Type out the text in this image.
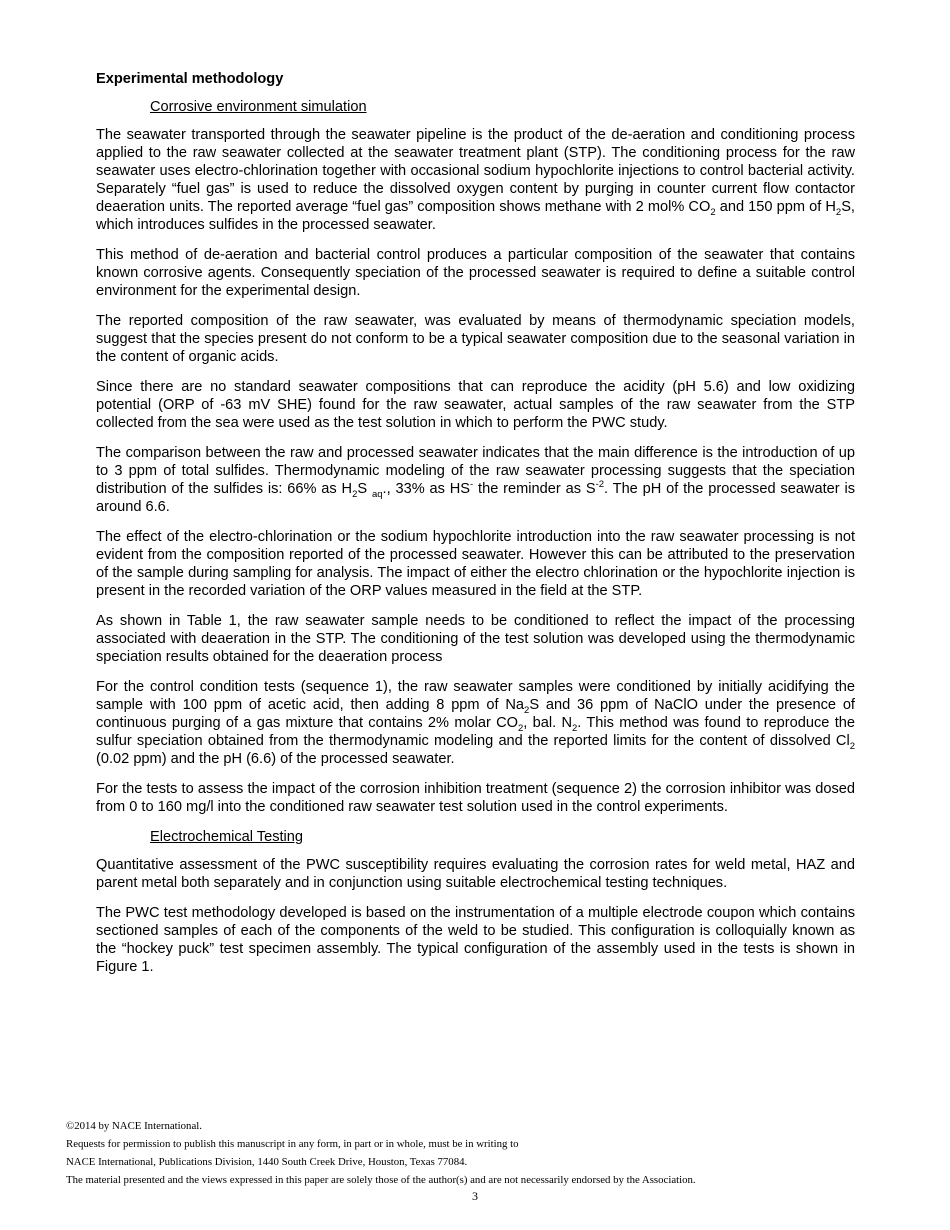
Experimental methodology
Corrosive environment simulation

The seawater transported through the seawater pipeline is the product of the de-aeration and conditioning process applied to the raw seawater collected at the seawater treatment plant (STP). The conditioning process for the raw seawater uses electro-chlorination together with occasional sodium hypochlorite injections to control bacterial activity. Separately “fuel gas” is used to reduce the dissolved oxygen content by purging in counter current flow contactor deaeration units. The reported average “fuel gas” composition shows methane with 2 mol% $CO_2$ and 150 ppm of $H_2S$, which introduces sulfides in the processed seawater.

This method of de-aeration and bacterial control produces a particular composition of the seawater that contains known corrosive agents. Consequently speciation of the processed seawater is required to define a suitable control environment for the experimental design.

The reported composition of the raw seawater, was evaluated by means of thermodynamic speciation models, suggest that the species present do not conform to be a typical seawater composition due to the seasonal variation in the content of organic acids.

Since there are no standard seawater compositions that can reproduce the acidity (pH 5.6) and low oxidizing potential (ORP of -63 mV SHE) found for the raw seawater, actual samples of the raw seawater from the STP collected from the sea were used as the test solution in which to perform the PWC study.

The comparison between the raw and processed seawater indicates that the main difference is the introduction of up to 3 ppm of total sulfides. Thermodynamic modeling of the raw seawater processing suggests that the speciation distribution of the sulfides is: 66% as $H_2S$ $_{aq}$., 33% as HS- the reminder as $S^{-2}$. The pH of the processed seawater is around 6.6.

The effect of the electro-chlorination or the sodium hypochlorite introduction into the raw seawater processing is not evident from the composition reported of the processed seawater. However this can be attributed to the preservation of the sample during sampling for analysis. The impact of either the electro chlorination or the hypochlorite injection is present in the recorded variation of the ORP values measured in the field at the STP.

As shown in Table 1, the raw seawater sample needs to be conditioned to reflect the impact of the processing associated with deaeration in the STP. The conditioning of the test solution was developed using the thermodynamic speciation results obtained for the deaeration process

For the control condition tests (sequence 1), the raw seawater samples were conditioned by initially acidifying the sample with 100 ppm of acetic acid, then adding 8 ppm of $Na_2S$ and 36 ppm of NaClO under the presence of continuous purging of a gas mixture that contains 2% molar $CO_2$, bal. $N_2$. This method was found to reproduce the sulfur speciation obtained from the thermodynamic modeling and the reported limits for the content of dissolved $Cl_2$ (0.02 ppm) and the pH (6.6) of the processed seawater.

For the tests to assess the impact of the corrosion inhibition treatment (sequence 2) the corrosion inhibitor was dosed from 0 to 160 mg/l into the conditioned raw seawater test solution used in the control experiments.

Electrochemical Testing

Quantitative assessment of the PWC susceptibility requires evaluating the corrosion rates for weld metal, HAZ and parent metal both separately and in conjunction using suitable electrochemical testing techniques.

The PWC test methodology developed is based on the instrumentation of a multiple electrode coupon which contains sectioned samples of each of the components of the weld to be studied. This configuration is colloquially known as the “hockey puck” test specimen assembly. The typical configuration of the assembly used in the tests is shown in Figure 1.

©2014 by NACE International.
Requests for permission to publish this manuscript in any form, in part or in whole, must be in writing to
NACE International, Publications Division, 1440 South Creek Drive, Houston, Texas 77084.
The material presented and the views expressed in this paper are solely those of the author(s) and are not necessarily endorsed by the Association.
3
